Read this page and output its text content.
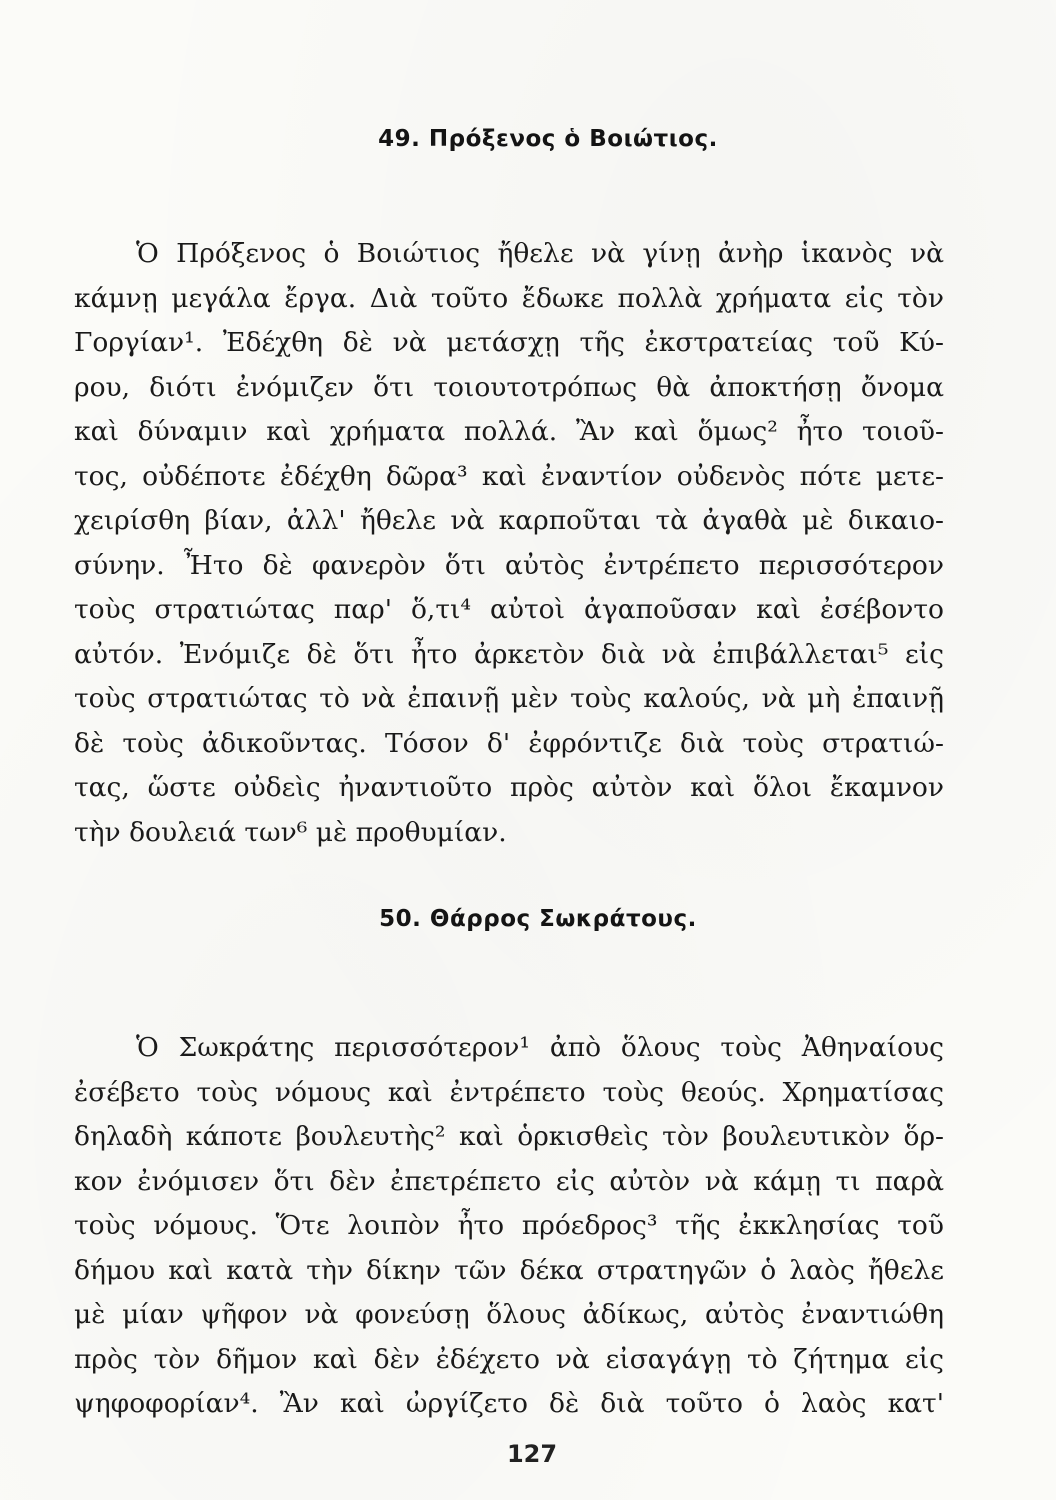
49. Πρόξενος ὁ Βοιώτιος.
Ὁ Πρόξενος ὁ Βοιώτιος ἤθελε νὰ γίνῃ ἀνὴρ ἱκανὸς νὰ
κάμνῃ μεγάλα ἔργα. Διὰ τοῦτο ἔδωκε πολλὰ χρήματα εἰς τὸν
Γοργίαν¹. Ἐδέχθη δὲ νὰ μετάσχῃ τῆς ἐκστρατείας τοῦ Κύ-
ρου, διότι ἐνόμιζεν ὅτι τοιουτοτρόπως θὰ ἀποκτήσῃ ὄνομα
καὶ δύναμιν καὶ χρήματα πολλά. Ἂν καὶ ὅμως² ἦτο τοιοῦ-
τος, οὐδέποτε ἐδέχθη δῶρα³ καὶ ἐναντίον οὐδενὸς πότε μετε-
χειρίσθη βίαν, ἀλλ' ἤθελε νὰ καρποῦται τὰ ἀγαθὰ μὲ δικαιο-
σύνην. Ἦτο δὲ φανερὸν ὅτι αὐτὸς ἐντρέπετο περισσότερον
τοὺς στρατιώτας παρ' ὅ,τι⁴ αὐτοὶ ἀγαποῦσαν καὶ ἐσέβοντο
αὐτόν. Ἐνόμιζε δὲ ὅτι ἦτο ἀρκετὸν διὰ νὰ ἐπιβάλλεται⁵ εἰς
τοὺς στρατιώτας τὸ νὰ ἐπαινῇ μὲν τοὺς καλούς, νὰ μὴ ἐπαινῇ
δὲ τοὺς ἀδικοῦντας. Τόσον δ' ἐφρόντιζε διὰ τοὺς στρατιώ-
τας, ὥστε οὐδεὶς ἠναντιοῦτο πρὸς αὐτὸν καὶ ὅλοι ἔκαμνον
τὴν δουλειά των⁶ μὲ προθυμίαν.
50. Θάρρος Σωκράτους.
Ὁ Σωκράτης περισσότερον¹ ἀπὸ ὅλους τοὺς Ἀθηναίους
ἐσέβετο τοὺς νόμους καὶ ἐντρέπετο τοὺς θεούς. Χρηματίσας
δηλαδὴ κάποτε βουλευτὴς² καὶ ὁρκισθεὶς τὸν βουλευτικὸν ὅρ-
κον ἐνόμισεν ὅτι δὲν ἐπετρέπετο εἰς αὐτὸν νὰ κάμῃ τι παρὰ
τοὺς νόμους. Ὅτε λοιπὸν ἦτο πρόεδρος³ τῆς ἐκκλησίας τοῦ
δήμου καὶ κατὰ τὴν δίκην τῶν δέκα στρατηγῶν ὁ λαὸς ἤθελε
μὲ μίαν ψῆφον νὰ φονεύσῃ ὅλους ἀδίκως, αὐτὸς ἐναντιώθη
πρὸς τὸν δῆμον καὶ δὲν ἐδέχετο νὰ εἰσαγάγῃ τὸ ζήτημα εἰς
ψηφοφορίαν⁴. Ἂν καὶ ὠργίζετο δὲ διὰ τοῦτο ὁ λαὸς κατ'
127
